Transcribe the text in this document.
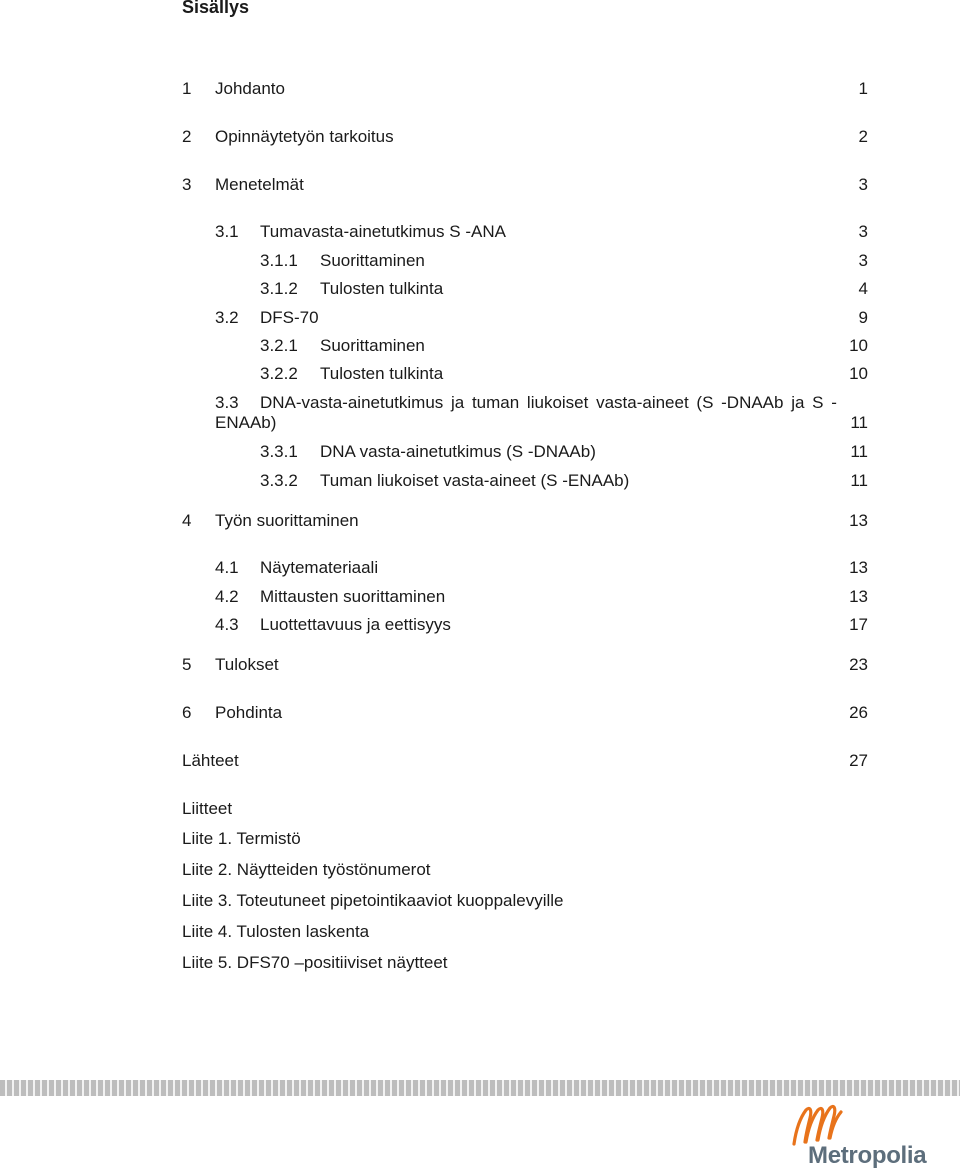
Sisällys
1 Johdanto	1
2 Opinnäytetyön tarkoitus	2
3 Menetelmät	3
3.1 Tumavasta-ainetutkimus S -ANA	3
3.1.1 Suorittaminen	3
3.1.2 Tulosten tulkinta	4
3.2 DFS-70	9
3.2.1 Suorittaminen	10
3.2.2 Tulosten tulkinta	10
3.3 DNA-vasta-ainetutkimus ja tuman liukoiset vasta-aineet (S -DNAAb ja S -
ENAAb)	11
3.3.1 DNA vasta-ainetutkimus (S -DNAAb)	11
3.3.2 Tuman liukoiset vasta-aineet (S -ENAAb)	11
4 Työn suorittaminen	13
4.1 Näytemateriaali	13
4.2 Mittausten suorittaminen	13
4.3 Luottettavuus ja eettisyys	17
5 Tulokset	23
6 Pohdinta	26
Lähteet	27
Liitteet
Liite 1. Termistö
Liite 2. Näytteiden työstönumerot
Liite 3. Toteutuneet pipetointikaaviot kuoppalevyille
Liite 4. Tulosten laskenta
Liite 5. DFS70 –positiiviset näytteet
Metropolia
